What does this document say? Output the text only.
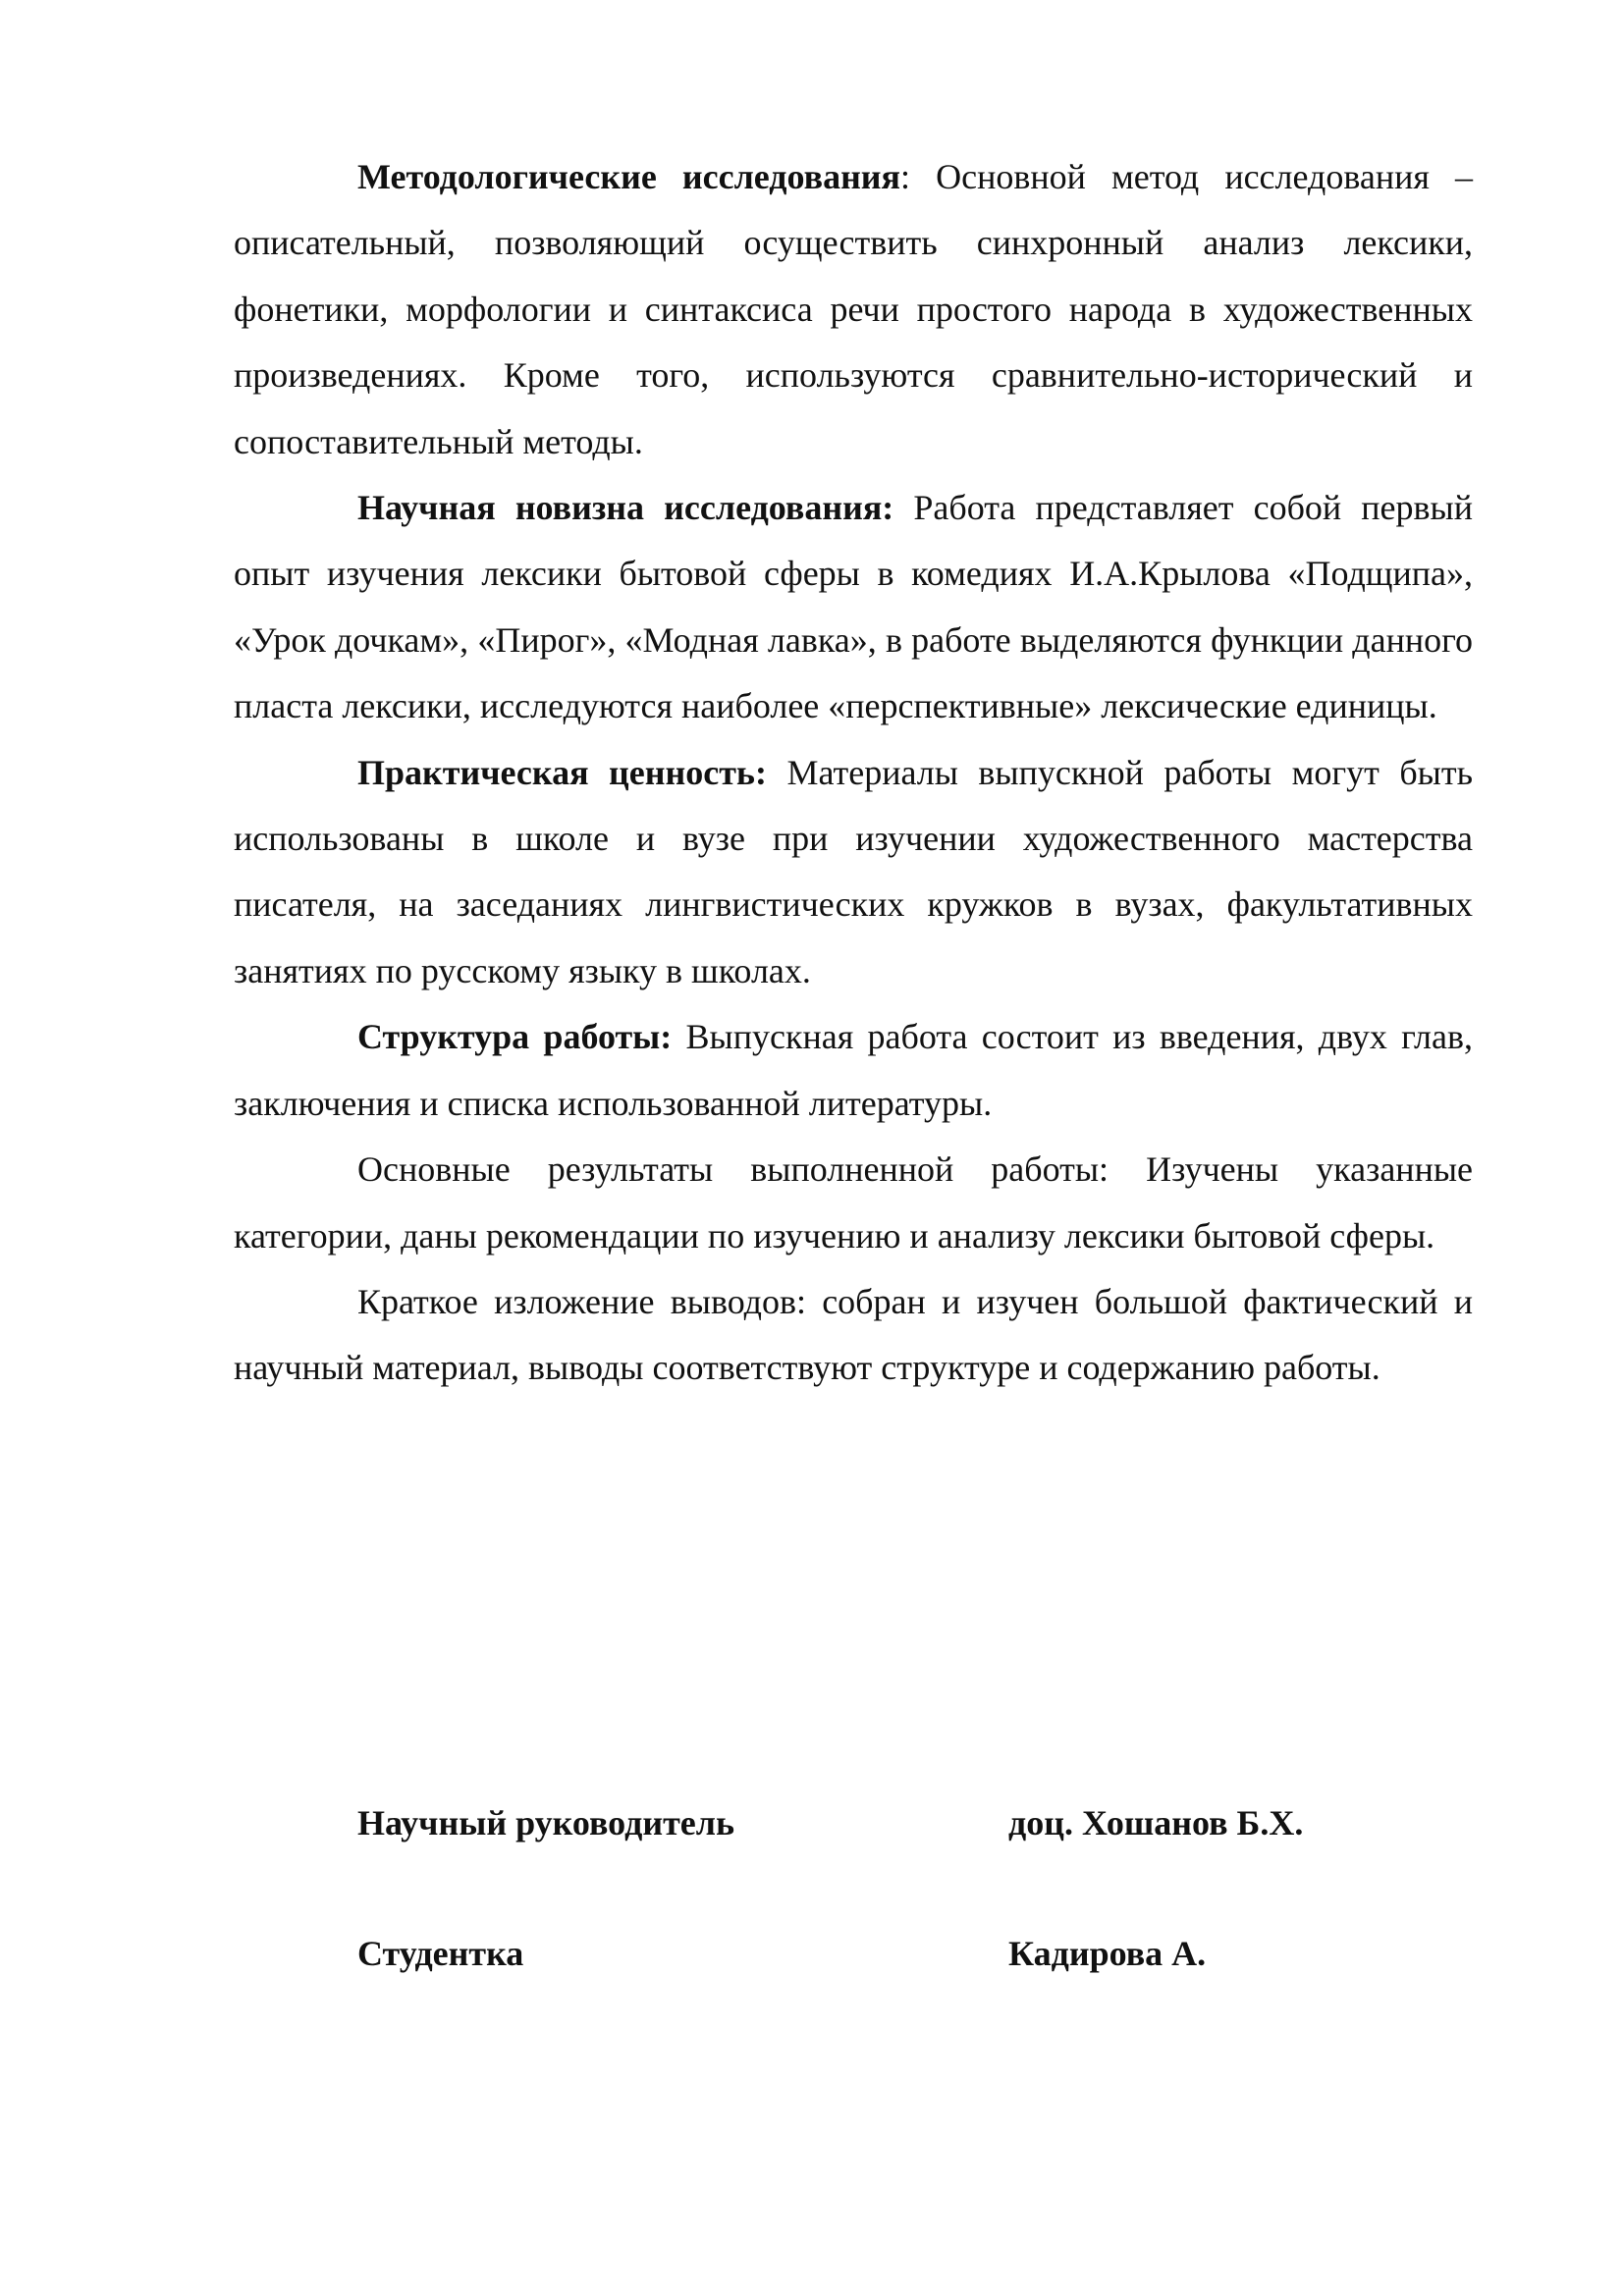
Методологические исследования: Основной метод исследования – описательный, позволяющий осуществить синхронный анализ лексики, фонетики, морфологии и синтаксиса речи простого народа в художественных произведениях. Кроме того, используются сравнительно-исторический и сопоставительный методы.

Научная новизна исследования: Работа представляет собой первый опыт изучения лексики бытовой сферы в комедиях И.А.Крылова «Подщипа», «Урок дочкам», «Пирог», «Модная лавка», в работе выделяются функции данного пласта лексики, исследуются наиболее «перспективные» лексические единицы.

Практическая ценность: Материалы выпускной работы могут быть использованы в школе и вузе при изучении художественного мастерства писателя, на заседаниях лингвистических кружков в вузах, факультативных занятиях по русскому языку в школах.

Структура работы: Выпускная работа состоит из введения, двух глав, заключения и списка использованной литературы.

Основные результаты выполненной работы: Изучены указанные категории, даны рекомендации по изучению и анализу лексики бытовой сферы.

Краткое изложение выводов: собран и изучен большой фактический и научный материал, выводы соответствуют структуре и содержанию работы.

Научный руководитель	доц. Хошанов Б.Х.
Студентка	Кадирова А.
